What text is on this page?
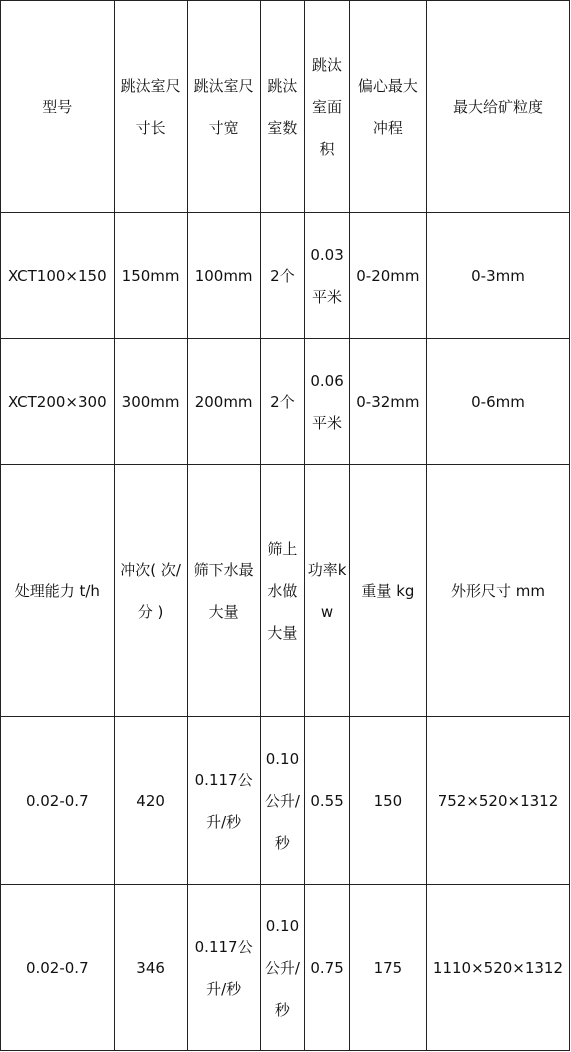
型号	跳汰室尺寸长	跳汰室尺寸宽	跳汰室数	跳汰室面积	偏心最大冲程	最大给矿粒度
XCT100×150	150mm	100mm	2个	0.03平米	0-20mm	0-3mm
XCT200×300	300mm	200mm	2个	0.06平米	0-32mm	0-6mm
处理能力 t/h	冲次( 次/分 )	筛下水最大量	筛上水做大量	功率kw	重量 kg	外形尺寸 mm
0.02-0.7	420	0.117公升/秒	0.10公升/秒	0.55	150	752×520×1312
0.02-0.7	346	0.117公升/秒	0.10公升/秒	0.75	175	1110×520×1312
